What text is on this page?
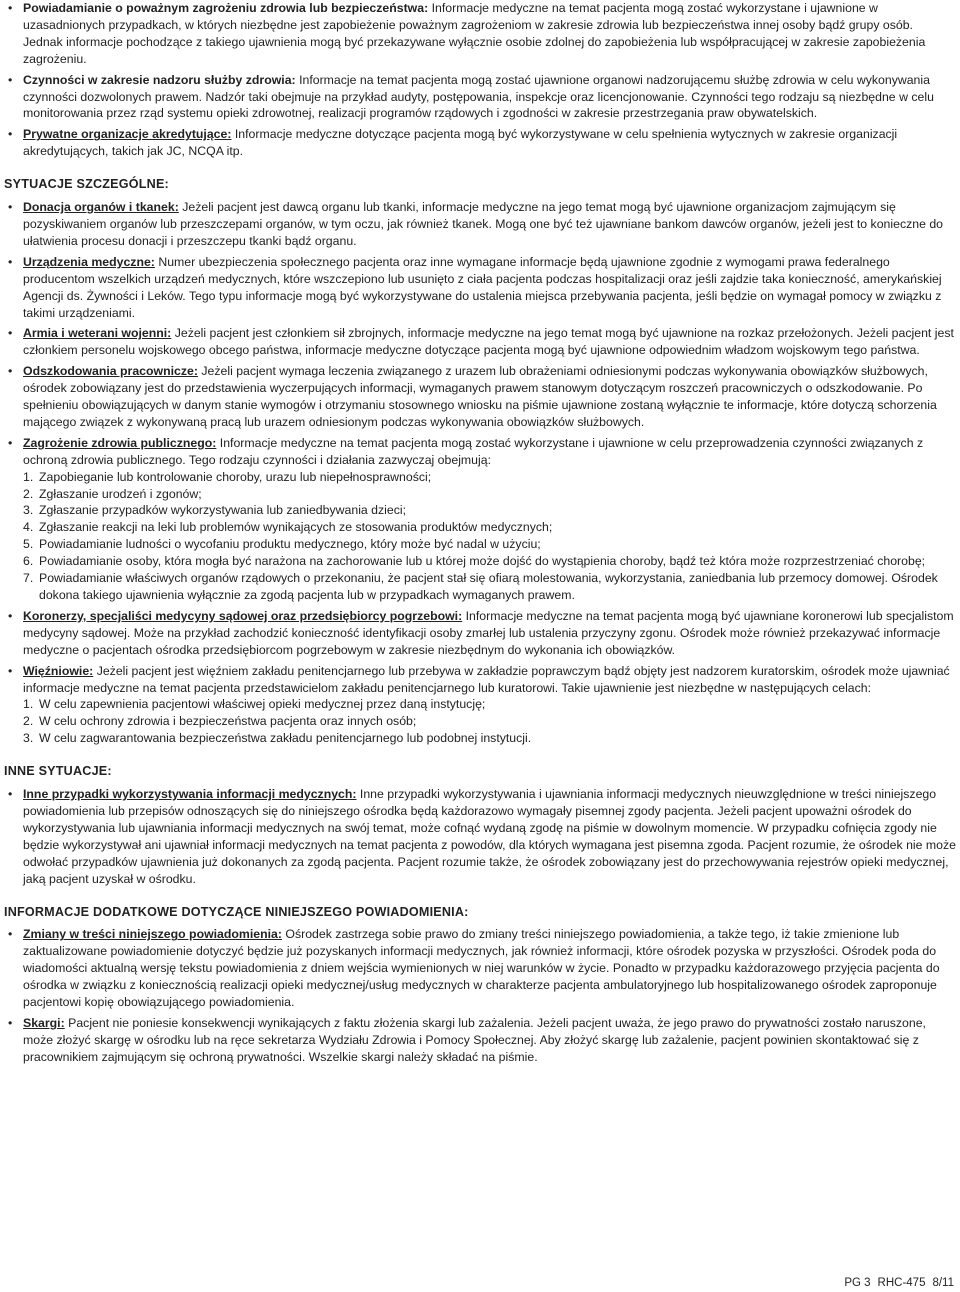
• Powiadamianie o poważnym zagrożeniu zdrowia lub bezpieczeństwa: Informacje medyczne na temat pacjenta mogą zostać wykorzystane i ujawnione w uzasadnionych przypadkach, w których niezbędne jest zapobieżenie poważnym zagrożeniom w zakresie zdrowia lub bezpieczeństwa innej osoby bądź grupy osób. Jednak informacje pochodzące z takiego ujawnienia mogą być przekazywane wyłącznie osobie zdolnej do zapobieżenia lub współpracującej w zakresie zapobieżenia zagrożeniu.

• Czynności w zakresie nadzoru służby zdrowia: Informacje na temat pacjenta mogą zostać ujawnione organowi nadzorującemu służbę zdrowia w celu wykonywania czynności dozwolonych prawem. Nadzór taki obejmuje na przykład audyty, postępowania, inspekcje oraz licencjonowanie. Czynności tego rodzaju są niezbędne w celu monitorowania przez rząd systemu opieki zdrowotnej, realizacji programów rządowych i zgodności w zakresie przestrzegania praw obywatelskich.

• Prywatne organizacje akredytujące: Informacje medyczne dotyczące pacjenta mogą być wykorzystywane w celu spełnienia wytycznych w zakresie organizacji akredytujących, takich jak JC, NCQA itp.

SYTUACJE SZCZEGÓLNE:

• Donacja organów i tkanek: Jeżeli pacjent jest dawcą organu lub tkanki, informacje medyczne na jego temat mogą być ujawnione organizacjom zajmującym się pozyskiwaniem organów lub przeszczepami organów, w tym oczu, jak również tkanek. Mogą one być też ujawniane bankom dawców organów, jeżeli jest to konieczne do ułatwienia procesu donacji i przeszczepu tkanki bądź organu.

• Urządzenia medyczne: Numer ubezpieczenia społecznego pacjenta oraz inne wymagane informacje będą ujawnione zgodnie z wymogami prawa federalnego producentom wszelkich urządzeń medycznych, które wszczepiono lub usunięto z ciała pacjenta podczas hospitalizacji oraz jeśli zajdzie taka konieczność, amerykańskiej Agencji ds. Żywności i Leków. Tego typu informacje mogą być wykorzystywane do ustalenia miejsca przebywania pacjenta, jeśli będzie on wymagał pomocy w związku z takimi urządzeniami.

• Armia i weterani wojenni: Jeżeli pacjent jest członkiem sił zbrojnych, informacje medyczne na jego temat mogą być ujawnione na rozkaz przełożonych. Jeżeli pacjent jest członkiem personelu wojskowego obcego państwa, informacje medyczne dotyczące pacjenta mogą być ujawnione odpowiednim władzom wojskowym tego państwa.

• Odszkodowania pracownicze: Jeżeli pacjent wymaga leczenia związanego z urazem lub obrażeniami odniesionymi podczas wykonywania obowiązków służbowych, ośrodek zobowiązany jest do przedstawienia wyczerpujących informacji, wymaganych prawem stanowym dotyczącym roszczeń pracowniczych o odszkodowanie. Po spełnieniu obowiązujących w danym stanie wymogów i otrzymaniu stosownego wniosku na piśmie ujawnione zostaną wyłącznie te informacje, które dotyczą schorzenia mającego związek z wykonywaną pracą lub urazem odniesionym podczas wykonywania obowiązków służbowych.

• Zagrożenie zdrowia publicznego: Informacje medyczne na temat pacjenta mogą zostać wykorzystane i ujawnione w celu przeprowadzenia czynności związanych z ochroną zdrowia publicznego. Tego rodzaju czynności i działania zazwyczaj obejmują:
1. Zapobieganie lub kontrolowanie choroby, urazu lub niepełnosprawności;
2. Zgłaszanie urodzeń i zgonów;
3. Zgłaszanie przypadków wykorzystywania lub zaniedbywania dzieci;
4. Zgłaszanie reakcji na leki lub problemów wynikających ze stosowania produktów medycznych;
5. Powiadamianie ludności o wycofaniu produktu medycznego, który może być nadal w użyciu;
6. Powiadamianie osoby, która mogła być narażona na zachorowanie lub u której może dojść do wystąpienia choroby, bądź też która może rozprzestrzeniać chorobę;
7. Powiadamianie właściwych organów rządowych o przekonaniu, że pacjent stał się ofiarą molestowania, wykorzystania, zaniedbania lub przemocy domowej. Ośrodek dokona takiego ujawnienia wyłącznie za zgodą pacjenta lub w przypadkach wymaganych prawem.

• Koronerzy, specjaliści medycyny sądowej oraz przedsiębiorcy pogrzebowi: Informacje medyczne na temat pacjenta mogą być ujawniane koronerowi lub specjalistom medycyny sądowej. Może na przykład zachodzić konieczność identyfikacji osoby zmarłej lub ustalenia przyczyny zgonu. Ośrodek może również przekazywać informacje medyczne o pacjentach ośrodka przedsiębiorcom pogrzebowym w zakresie niezbędnym do wykonania ich obowiązków.

• Więźniowie: Jeżeli pacjent jest więźniem zakładu penitencjarnego lub przebywa w zakładzie poprawczym bądź objęty jest nadzorem kuratorskim, ośrodek może ujawniać informacje medyczne na temat pacjenta przedstawicielom zakładu penitencjarnego lub kuratorowi. Takie ujawnienie jest niezbędne w następujących celach:
1. W celu zapewnienia pacjentowi właściwej opieki medycznej przez daną instytucję;
2. W celu ochrony zdrowia i bezpieczeństwa pacjenta oraz innych osób;
3. W celu zagwarantowania bezpieczeństwa zakładu penitencjarnego lub podobnej instytucji.
INNE SYTUACJE:

• Inne przypadki wykorzystywania informacji medycznych: Inne przypadki wykorzystywania i ujawniania informacji medycznych nieuwzględnione w treści niniejszego powiadomienia lub przepisów odnoszących się do niniejszego ośrodka będą każdorazowo wymagały pisemnej zgody pacjenta. Jeżeli pacjent upoważni ośrodek do wykorzystywania lub ujawniania informacji medycznych na swój temat, może cofnąć wydaną zgodę na piśmie w dowolnym momencie. W przypadku cofnięcia zgody nie będzie wykorzystywał ani ujawniał informacji medycznych na temat pacjenta z powodów, dla których wymagana jest pisemna zgoda. Pacjent rozumie, że ośrodek nie może odwołać przypadków ujawnienia już dokonanych za zgodą pacjenta. Pacjent rozumie także, że ośrodek zobowiązany jest do przechowywania rejestrów opieki medycznej, jaką pacjent uzyskał w ośrodku.

INFORMACJE DODATKOWE DOTYCZĄCE NINIEJSZEGO POWIADOMIENIA:

• Zmiany w treści niniejszego powiadomienia: Ośrodek zastrzega sobie prawo do zmiany treści niniejszego powiadomienia, a także tego, iż takie zmienione lub zaktualizowane powiadomienie dotyczyć będzie już pozyskanych informacji medycznych, jak również informacji, które ośrodek pozyska w przyszłości. Ośrodek poda do wiadomości aktualną wersję tekstu powiadomienia z dniem wejścia wymienionych w niej warunków w życie. Ponadto w przypadku każdorazowego przyjęcia pacjenta do ośrodka w związku z koniecznością realizacji opieki medycznej/usług medycznych w charakterze pacjenta ambulatoryjnego lub hospitalizowanego ośrodek zaproponuje pacjentowi kopię obowiązującego powiadomienia.

• Skargi: Pacjent nie poniesie konsekwencji wynikających z faktu złożenia skargi lub zażalenia. Jeżeli pacjent uważa, że jego prawo do prywatności zostało naruszone, może złożyć skargę w ośrodku lub na ręce sekretarza Wydziału Zdrowia i Pomocy Społecznej. Aby złożyć skargę lub zażalenie, pacjent powinien skontaktować się z pracownikiem zajmującym się ochroną prywatności. Wszelkie skargi należy składać na piśmie.

PG 3 RHC-475 8/11
